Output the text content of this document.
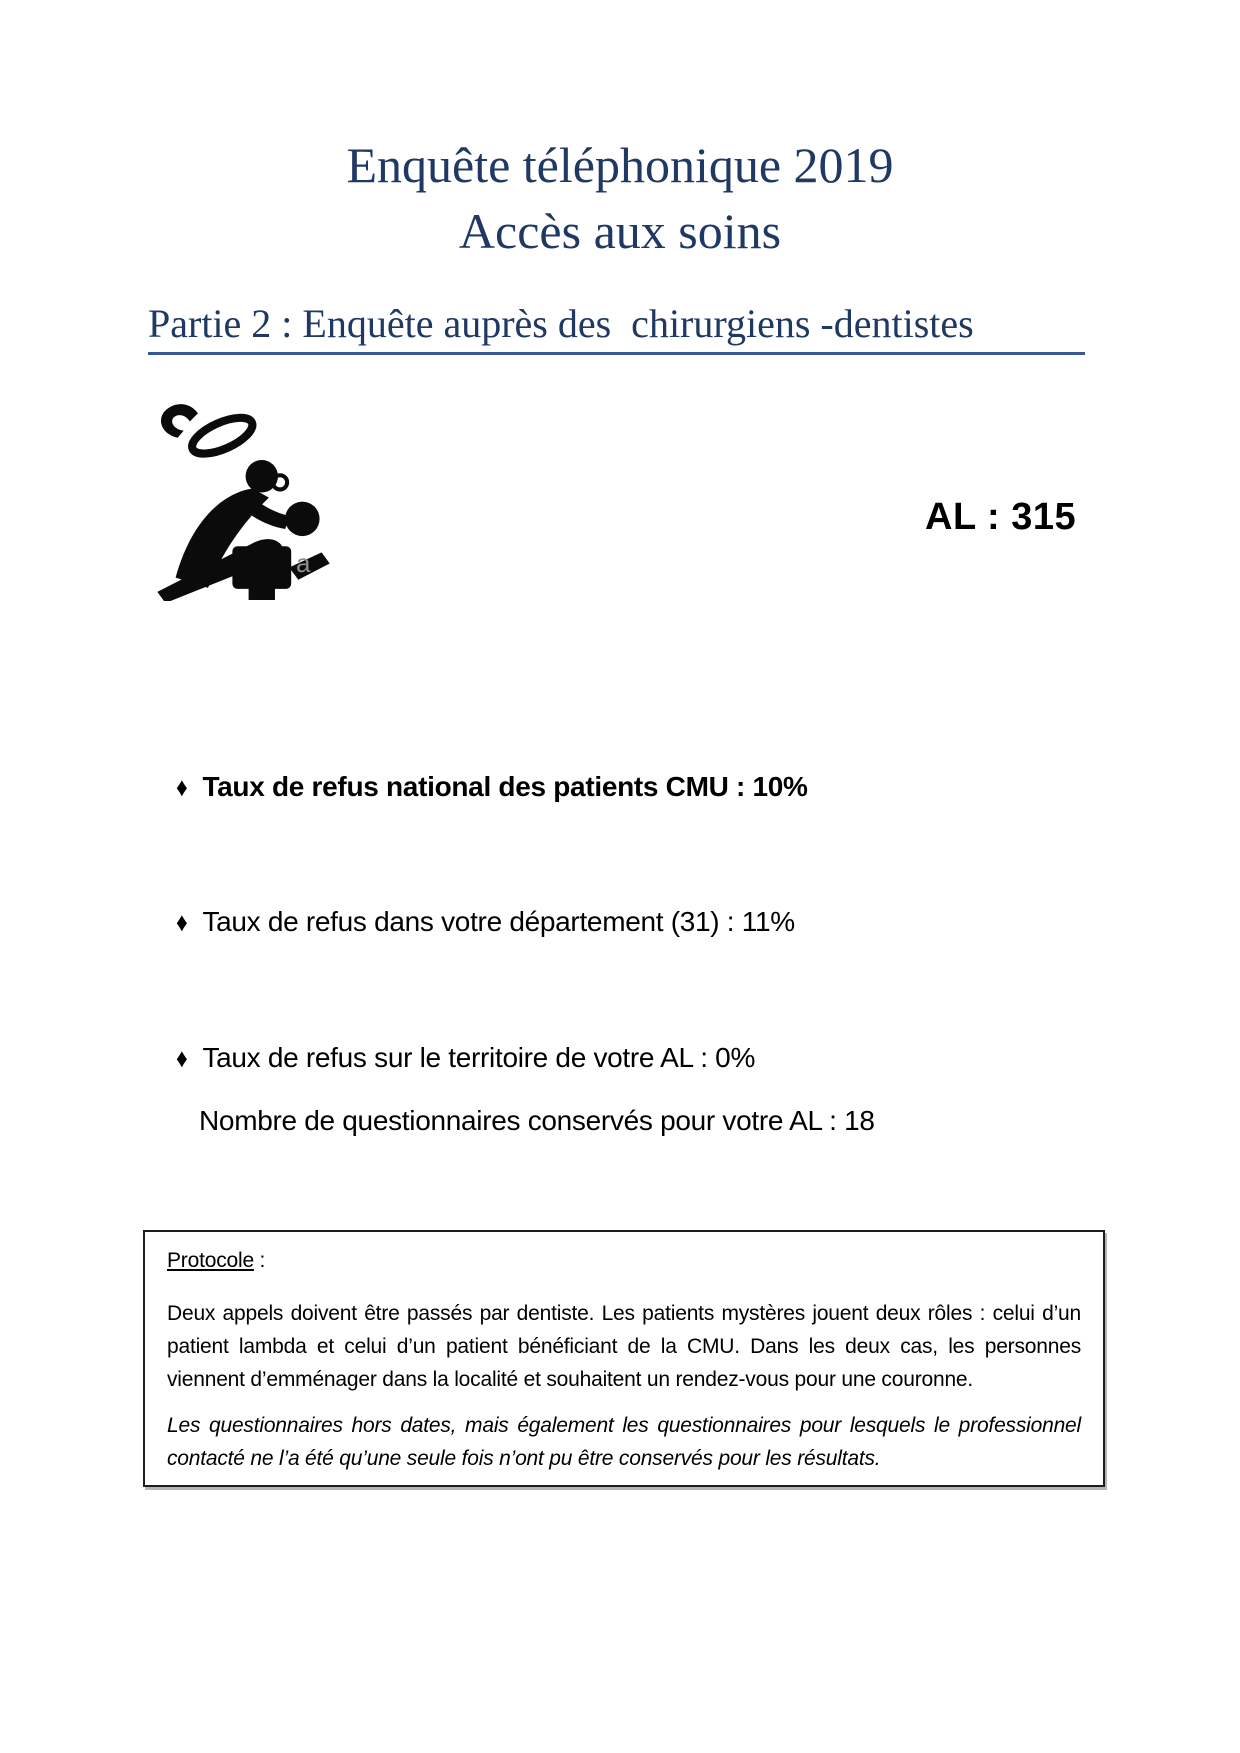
Enquête téléphonique 2019
Accès aux soins
Partie 2 : Enquête auprès des  chirurgiens -dentistes
a
AL : 315
♦ Taux de refus national des patients CMU : 10%
♦ Taux de refus dans votre département (31) : 11%
♦ Taux de refus sur le territoire de votre AL : 0%
Nombre de questionnaires conservés pour votre AL : 18

Protocole :

Deux appels doivent être passés par dentiste. Les patients mystères jouent deux rôles : celui d’un patient lambda et celui d’un patient bénéficiant de la CMU. Dans les deux cas, les personnes viennent d’emménager dans la localité et souhaitent un rendez-vous pour une couronne.

Les questionnaires hors dates, mais également les questionnaires pour lesquels le professionnel contacté ne l’a été qu’une seule fois n’ont pu être conservés pour les résultats.
